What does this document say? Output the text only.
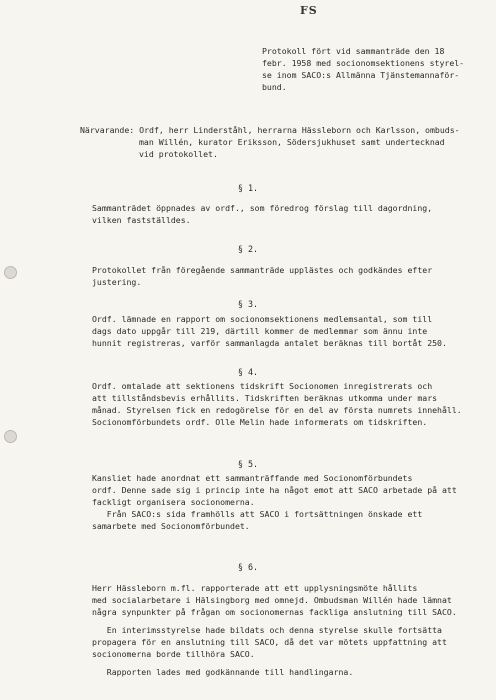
FS
Protokoll fört vid sammanträde den 18
febr. 1958 med socionomsektionens styrel-
se inom SACO:s Allmänna Tjänstemannaför-
bund.
Närvarande: Ordf, herr Linderståhl, herrarna Hässleborn och Karlsson, ombuds-
man Willén, kurator Eriksson, Södersjukhuset samt undertecknad
vid protokollet.
§ 1.
Sammanträdet öppnades av ordf., som föredrog förslag till dagordning,
vilken fastställdes.
§ 2.
Protokollet från föregående sammanträde upplästes och godkändes efter
justering.
§ 3.
Ordf. lämnade en rapport om socionomsektionens medlemsantal, som till
dags dato uppgår till 219, därtill kommer de medlemmar som ännu inte
hunnit registreras, varför sammanlagda antalet beräknas till bortåt 250.
§ 4.
Ordf. omtalade att sektionens tidskrift Socionomen inregistrerats och
att tillståndsbevis erhållits. Tidskriften beräknas utkomma under mars
månad. Styrelsen fick en redogörelse för en del av första numrets innehåll.
Socionomförbundets ordf. Olle Melin hade informerats om tidskriften.
§ 5.
Kansliet hade anordnat ett sammanträffande med Socionomförbundets
ordf. Denne sade sig i princip inte ha något emot att SACO arbetade på att
fackligt organisera socionomerna.
Från SACO:s sida framhölls att SACO i fortsättningen önskade ett
samarbete med Socionomförbundet.
§ 6.
Herr Hässleborn m.fl. rapporterade att ett upplysningsmöte hållits
med socialarbetare i Hälsingborg med omnejd. Ombudsman Willén hade lämnat
några synpunkter på frågan om socionomernas fackliga anslutning till SACO.
En interimsstyrelse hade bildats och denna styrelse skulle fortsätta
propagera för en anslutning till SACO, då det var mötets uppfattning att
socionomerna borde tillhöra SACO.
Rapporten lades med godkännande till handlingarna.
